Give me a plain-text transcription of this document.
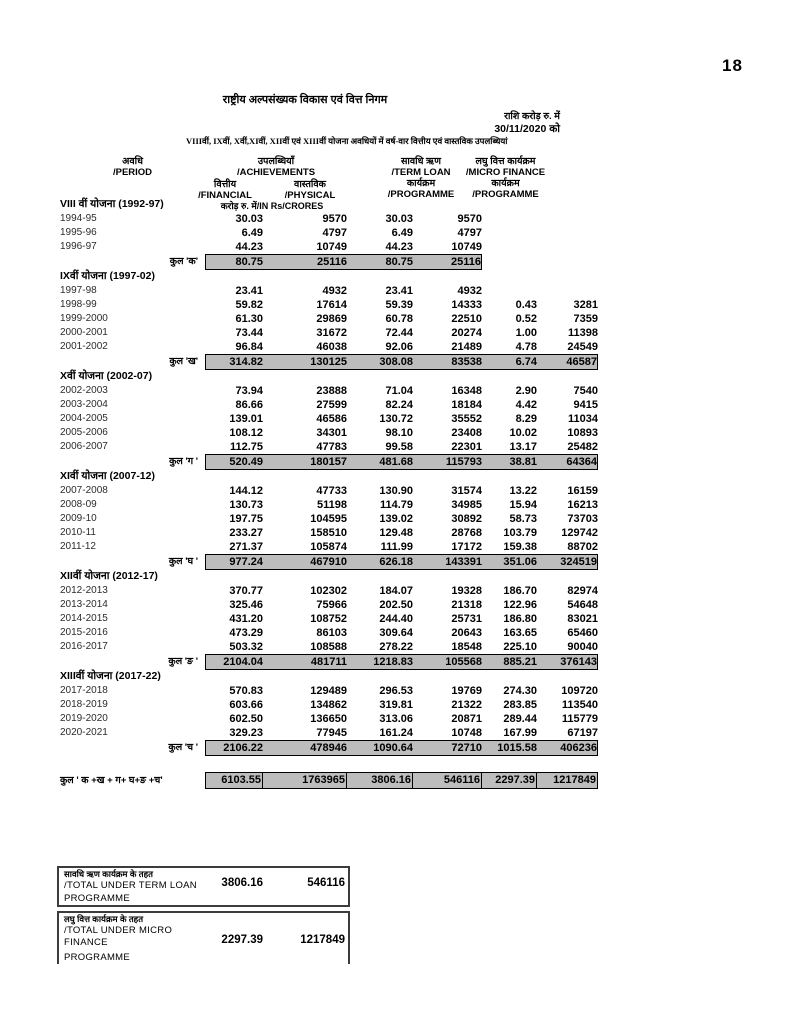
18
राष्ट्रीय अल्पसंख्यक विकास एवं वित्त निगम
राशि करोड़ रु. में
30/11/2020 को
VIIIवीं, IXवीं, Xवीं,XIवीं, XIIवीं एवं XIIIवीं योजना अवधियों में वर्ष-वार वित्तीय एवं वास्तविक उपलब्धियां
अवधि
/PERIOD
उपलब्धियाँ
/ACHIEVEMENTS
वित्तीय
/FINANCIAL
वास्तविक
/PHYSICAL
करोड़ रु. में/IN Rs/CRORES
सावधि ऋण
/TERM LOAN
कार्यक्रम
/PROGRAMME
लघु वित्त कार्यक्रम
/MICRO FINANCE
कार्यक्रम
/PROGRAMME
VIII वीं योजना (1992-97)
1994-95	30.03	9570	30.03	9570
1995-96	6.49	4797	6.49	4797
1996-97	44.23	10749	44.23	10749
कुल 'क'	80.75	25116	80.75	25116
IXवीं योजना (1997-02)
1997-98	23.41	4932	23.41	4932
1998-99	59.82	17614	59.39	14333	0.43	3281
1999-2000	61.30	29869	60.78	22510	0.52	7359
2000-2001	73.44	31672	72.44	20274	1.00	11398
2001-2002	96.84	46038	92.06	21489	4.78	24549
कुल 'ख'	314.82	130125	308.08	83538	6.74	46587
Xवीं योजना (2002-07)
2002-2003	73.94	23888	71.04	16348	2.90	7540
2003-2004	86.66	27599	82.24	18184	4.42	9415
2004-2005	139.01	46586	130.72	35552	8.29	11034
2005-2006	108.12	34301	98.10	23408	10.02	10893
2006-2007	112.75	47783	99.58	22301	13.17	25482
कुल 'ग '	520.49	180157	481.68	115793	38.81	64364
XIवीं योजना (2007-12)
2007-2008	144.12	47733	130.90	31574	13.22	16159
2008-09	130.73	51198	114.79	34985	15.94	16213
2009-10	197.75	104595	139.02	30892	58.73	73703
2010-11	233.27	158510	129.48	28768	103.79	129742
2011-12	271.37	105874	111.99	17172	159.38	88702
कुल 'घ '	977.24	467910	626.18	143391	351.06	324519
XIIवीं योजना (2012-17)
2012-2013	370.77	102302	184.07	19328	186.70	82974
2013-2014	325.46	75966	202.50	21318	122.96	54648
2014-2015	431.20	108752	244.40	25731	186.80	83021
2015-2016	473.29	86103	309.64	20643	163.65	65460
2016-2017	503.32	108588	278.22	18548	225.10	90040
कुल 'ङ '	2104.04	481711	1218.83	105568	885.21	376143
XIIIवीं योजना (2017-22)
2017-2018	570.83	129489	296.53	19769	274.30	109720
2018-2019	603.66	134862	319.81	21322	283.85	113540
2019-2020	602.50	136650	313.06	20871	289.44	115779
2020-2021	329.23	77945	161.24	10748	167.99	67197
कुल 'च '	2106.22	478946	1090.64	72710	1015.58	406236
कुल ' क +ख + ग+ घ+ङ +च'	6103.55	1763965	3806.16	546116	2297.39	1217849
सावधि ऋण कार्यक्रम के तहत
/TOTAL UNDER TERM LOAN
PROGRAMME
3806.16	546116
लघु वित्त कार्यक्रम के तहत
/TOTAL UNDER MICRO
FINANCE
PROGRAMME
2297.39	1217849
